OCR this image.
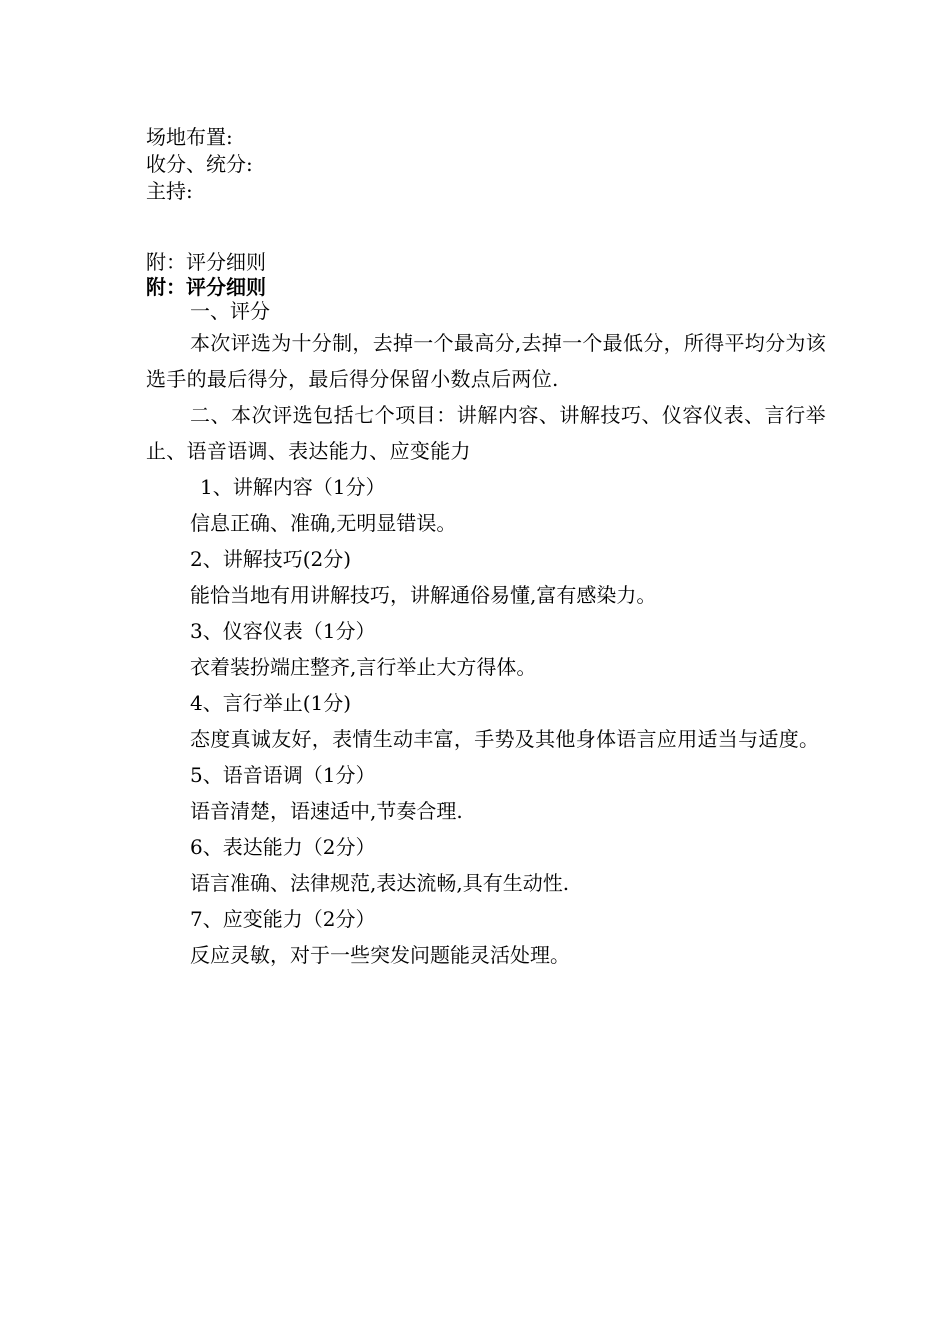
场地布置:
收分、统分:
主持:
附：评分细则
附：评分细则

一、评分

本次评选为十分制，去掉一个最高分,去掉一个最低分，所得平均分为该选手的最后得分，最后得分保留小数点后两位.

二、本次评选包括七个项目：讲解内容、讲解技巧、仪容仪表、言行举止、语音语调、表达能力、应变能力

1、讲解内容（1分）

信息正确、准确,无明显错误。

2、讲解技巧(2分)

能恰当地有用讲解技巧，讲解通俗易懂,富有感染力。

3、仪容仪表（1分）

衣着装扮端庄整齐,言行举止大方得体。

4、言行举止(1分)

态度真诚友好，表情生动丰富，手势及其他身体语言应用适当与适度。

5、语音语调（1分）

语音清楚，语速适中,节奏合理.

6、表达能力（2分）

语言准确、法律规范,表达流畅,具有生动性.

7、应变能力（2分）

反应灵敏，对于一些突发问题能灵活处理。
